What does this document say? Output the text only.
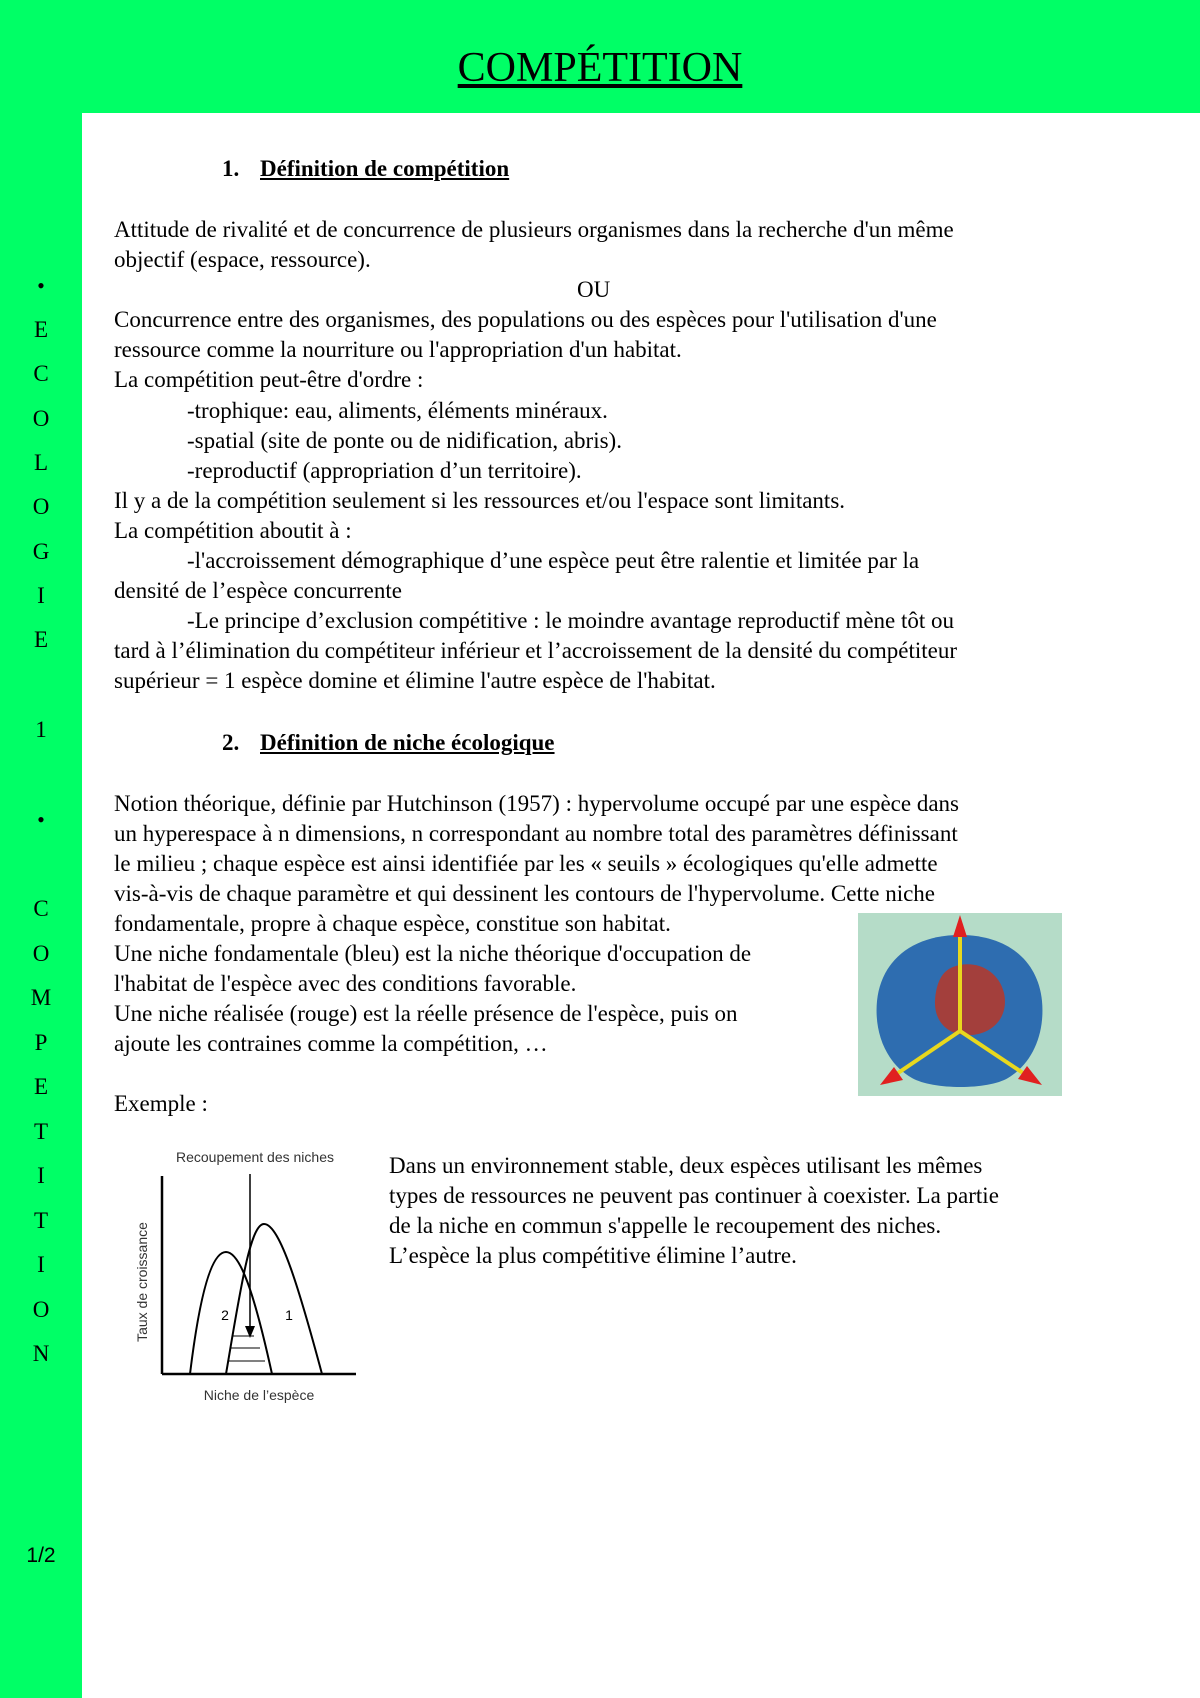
COMPÉTITION
•
E
C
O
L
O
G
I
E
1
•
C
O
M
P
E
T
I
T
I
O
N
1/2
1. Définition de compétition
Attitude de rivalité et de concurrence de plusieurs organismes dans la recherche d'un même
objectif (espace, ressource).
OU
Concurrence entre des organismes, des populations ou des espèces pour l'utilisation d'une
ressource comme la nourriture ou l'appropriation d'un habitat.
La compétition peut-être d'ordre :
-trophique: eau, aliments, éléments minéraux.
-spatial (site de ponte ou de nidification, abris).
-reproductif (appropriation d’un territoire).
Il y a de la compétition seulement si les ressources et/ou l'espace sont limitants.
La compétition aboutit à :
-l'accroissement démographique d’une espèce peut être ralentie et limitée par la
densité de l’espèce concurrente
-Le principe d’exclusion compétitive : le moindre avantage reproductif mène tôt ou
tard à l’élimination du compétiteur inférieur et l’accroissement de la densité du compétiteur
supérieur = 1 espèce domine et élimine l'autre espèce de l'habitat.
2. Définition de niche écologique
Notion théorique, définie par Hutchinson (1957) : hypervolume occupé par une espèce dans
un hyperespace à n dimensions, n correspondant au nombre total des paramètres définissant
le milieu ; chaque espèce est ainsi identifiée par les « seuils » écologiques qu'elle admette
vis-à-vis de chaque paramètre et qui dessinent les contours de l'hypervolume. Cette niche
fondamentale, propre à chaque espèce, constitue son habitat.
Une niche fondamentale (bleu) est la niche théorique d'occupation de
l'habitat de l'espèce avec des conditions favorable.
Une niche réalisée (rouge) est la réelle présence de l'espèce, puis on
ajoute les contraines comme la compétition, …
Exemple :
Recoupement des niches
Taux de croissance
Niche de l’espèce
2	1
Dans un environnement stable, deux espèces utilisant les mêmes
types de ressources ne peuvent pas continuer à coexister. La partie
de la niche en commun s'appelle le recoupement des niches.
L’espèce la plus compétitive élimine l’autre.
